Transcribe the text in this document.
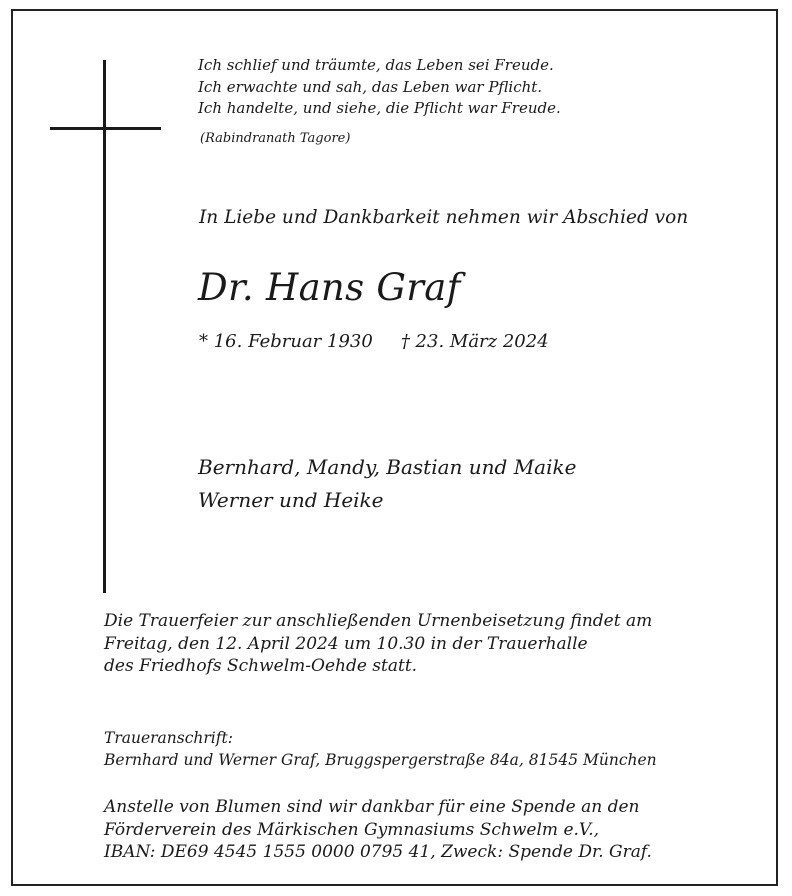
Ich schlief und träumte, das Leben sei Freude.
Ich erwachte und sah, das Leben war Pflicht.
Ich handelte, und siehe, die Pflicht war Freude.
(Rabindranath Tagore)
In Liebe und Dankbarkeit nehmen wir Abschied von
Dr. Hans Graf
* 16. Februar 1930 † 23. März 2024
Bernhard, Mandy, Bastian und Maike
Werner und Heike
Die Trauerfeier zur anschließenden Urnenbeisetzung findet am
Freitag, den 12. April 2024 um 10.30 in der Trauerhalle
des Friedhofs Schwelm-Oehde statt.
Traueranschrift:
Bernhard und Werner Graf, Bruggspergerstraße 84a, 81545 München
Anstelle von Blumen sind wir dankbar für eine Spende an den
Förderverein des Märkischen Gymnasiums Schwelm e.V.,
IBAN: DE69 4545 1555 0000 0795 41, Zweck: Spende Dr. Graf.
